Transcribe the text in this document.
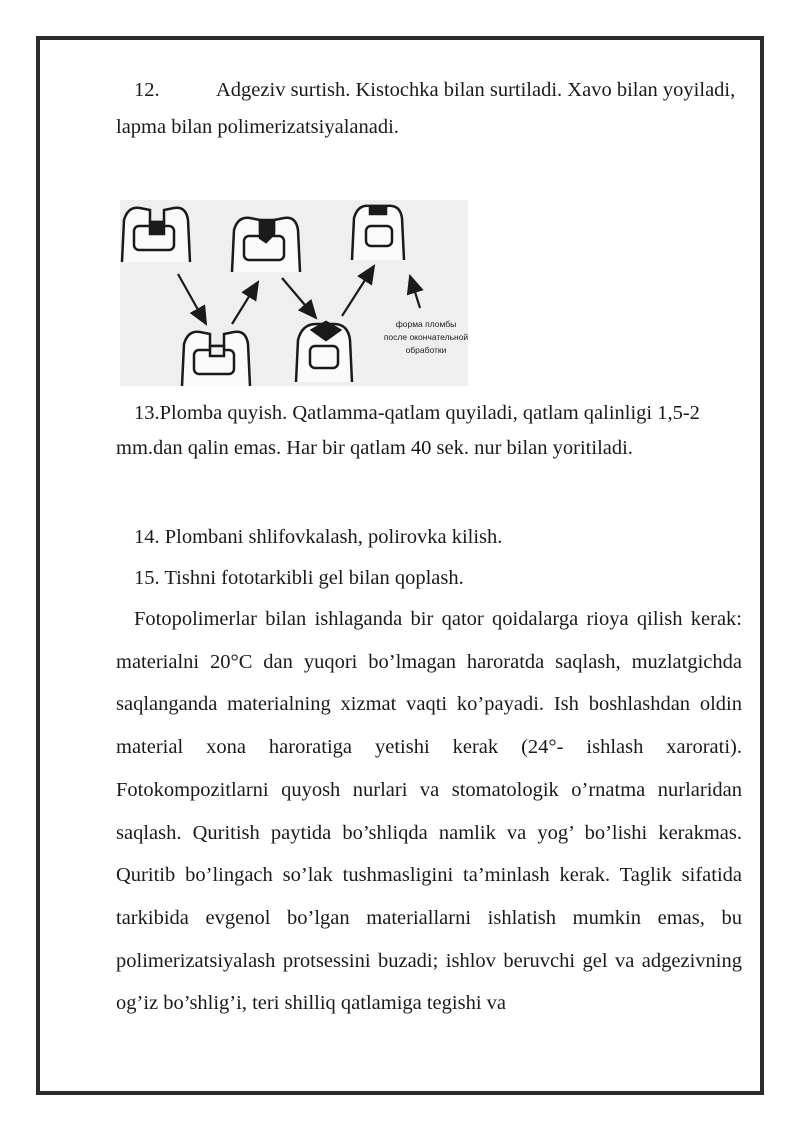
12.	Adgeziv surtish. Kistochka bilan surtiladi. Xavo bilan yoyiladi, lapma bilan polimerizatsiyalanadi.

форма пломбы
после окончательной
обработки

13.Plomba quyish. Qatlamma-qatlam quyiladi, qatlam qalinligi 1,5-2 mm.dan qalin emas. Har bir qatlam 40 sek. nur bilan yoritiladi.

14. Plombani shlifovkalash, polirovka kilish.

15. Tishni fototarkibli gel bilan qoplash.

Fotopolimerlar bilan ishlaganda bir qator qoidalarga rioya qilish kerak: materialni 20°C dan yuqori bo’lmagan haroratda saqlash, muzlatgichda saqlanganda materialning xizmat vaqti ko’payadi. Ish boshlashdan oldin material xona haroratiga yetishi kerak (24°- ishlash xarorati). Fotokompozitlarni quyosh nurlari va stomatologik o’rnatma nurlaridan saqlash. Quritish paytida bo’shliqda namlik va yog’ bo’lishi kerakmas. Quritib bo’lingach so’lak tushmasligini ta’minlash kerak. Taglik sifatida tarkibida evgenol bo’lgan materiallarni ishlatish mumkin emas, bu polimerizatsiyalash protsessini buzadi; ishlov beruvchi gel va adgezivning og’iz bo’shlig’i, teri shilliq qatlamiga tegishi va
